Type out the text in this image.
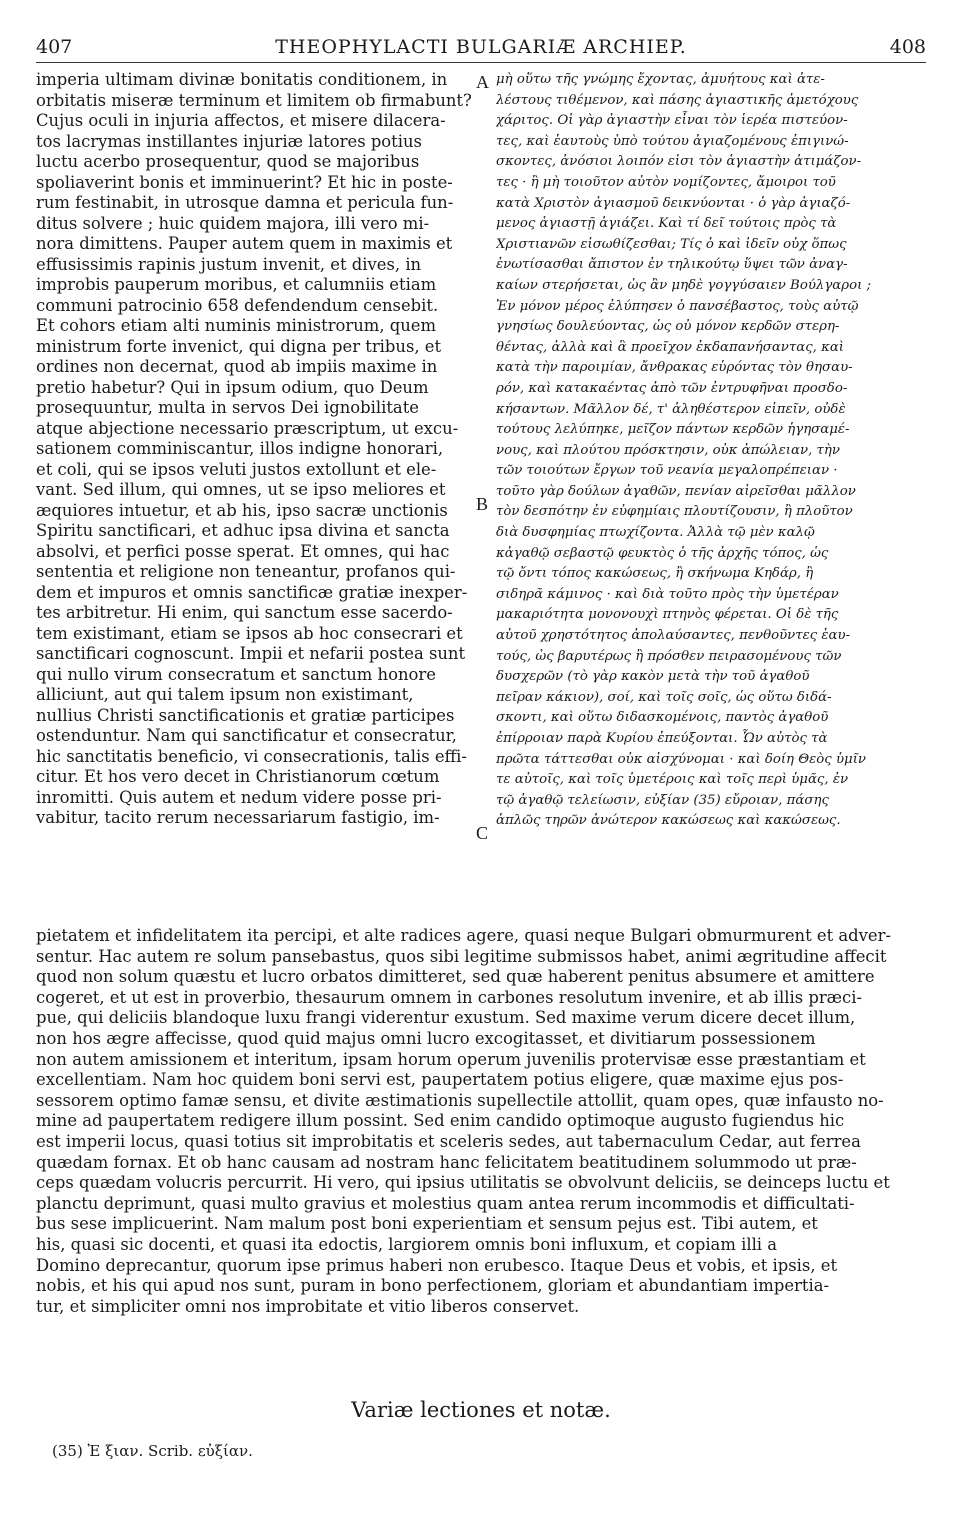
407	THEOPHYLACTI BULGARIÆ ARCHIEP.	408
imperia ultimam divinæ bonitatis conditionem, in
orbitatis miseræ terminum et limitem ob firmabunt?
Cujus oculi in injuria affectos, et misere dilacera-
tos lacrymas instillantes injuriæ latores potius
luctu acerbo prosequentur, quod se majoribus
spoliaverint bonis et imminuerint? Et hic in poste-
rum festinabit, in utrosque damna et pericula fun-
ditus solvere ; huic quidem majora, illi vero mi-
nora dimittens. Pauper autem quem in maximis et
effusissimis rapinis justum invenit, et dives, in
improbis pauperum moribus, et calumniis etiam
communi patrocinio 658 defendendum censebit.
Et cohors etiam alti numinis ministrorum, quem
ministrum forte invenict, qui digna per tribus, et
ordines non decernat, quod ab impiis maxime in
pretio habetur? Qui in ipsum odium, quo Deum
prosequuntur, multa in servos Dei ignobilitate
atque abjectione necessario præscriptum, ut excu-
sationem comminiscantur, illos indigne honorari,
et coli, qui se ipsos veluti justos extollunt et ele-
vant. Sed illum, qui omnes, ut se ipso meliores et
æquiores intuetur, et ab his, ipso sacræ unctionis
Spiritu sanctificari, et adhuc ipsa divina et sancta
absolvi, et perfici posse sperat. Et omnes, qui hac
sententia et religione non teneantur, profanos qui-
dem et impuros et omnis sanctificæ gratiæ inexper-
tes arbitretur. Hi enim, qui sanctum esse sacerdo-
tem existimant, etiam se ipsos ab hoc consecrari et
sanctificari cognoscunt. Impii et nefarii postea sunt
qui nullo virum consecratum et sanctum honore
alliciunt, aut qui talem ipsum non existimant,
nullius Christi sanctificationis et gratiæ participes
ostenduntur. Nam qui sanctificatur et consecratur,
hic sanctitatis beneficio, vi consecrationis, talis effi-
citur. Et hos vero decet in Christianorum cœtum
inromitti. Quis autem et nedum videre posse pri-
vabitur, tacito rerum necessariarum fastigio, im-
A
B
C
μὴ οὕτω τῆς γνώμης ἔχοντας, ἀμυήτους καὶ ἀτε-
λέστους τιθέμενον, καὶ πάσης ἁγιαστικῆς ἀμετόχους
χάριτος. Οἱ γὰρ ἁγιαστὴν εἶναι τὸν ἱερέα πιστεύον-
τες, καὶ ἑαυτοὺς ὑπὸ τούτου ἁγιαζομένους ἐπιγινώ-
σκοντες, ἀνόσιοι λοιπόν εἰσι τὸν ἁγιαστὴν ἀτιμάζον-
τες · ἢ μὴ τοιοῦτον αὐτὸν νομίζοντες, ἄμοιροι τοῦ
κατὰ Χριστὸν ἁγιασμοῦ δεικνύονται · ὁ γὰρ ἁγιαζό-
μενος ἁγιαστῇ ἁγιάζει. Καὶ τί δεῖ τούτοις πρὸς τὰ
Χριστιανῶν εἰσωθίζεσθαι; Τίς ὁ καὶ ἰδεῖν οὐχ ὅπως
ἐνωτίσασθαι ἄπιστον ἐν τηλικούτῳ ὕψει τῶν ἀναγ-
καίων στερήσεται, ὡς ἂν μηδὲ γογγύσαιεν Βούλγαροι ;
Ἐν μόνον μέρος ἐλύπησεν ὁ πανσέβαστος, τοὺς αὐτῷ
γνησίως δουλεύοντας, ὡς οὐ μόνον κερδῶν στερη-
θέντας, ἀλλὰ καὶ ἃ προεῖχον ἐκδαπανήσαντας, καὶ
κατὰ τὴν παροιμίαν, ἄνθρακας εὑρόντας τὸν θησαυ-
ρόν, καὶ κατακαέντας ἀπὸ τῶν ἐντρυφῆναι προσδο-
κήσαντων. Μᾶλλον δέ, τ' ἀληθέστερον εἰπεῖν, οὐδὲ
τούτους λελύπηκε, μεῖζον πάντων κερδῶν ἡγησαμέ-
νους, καὶ πλούτου πρόσκτησιν, οὐκ ἀπώλειαν, τὴν
τῶν τοιούτων ἔργων τοῦ νεανία μεγαλοπρέπειαν ·
τοῦτο γὰρ δούλων ἀγαθῶν, πενίαν αἱρεῖσθαι μᾶλλον
τὸν δεσπότην ἐν εὐφημίαις πλουτίζουσιν, ἢ πλοῦτον
διὰ δυσφημίας πτωχίζοντα. Ἀλλὰ τῷ μὲν καλῷ
κἀγαθῷ σεβαστῷ φευκτὸς ὁ τῆς ἀρχῆς τόπος, ὡς
τῷ ὄντι τόπος κακώσεως, ἢ σκήνωμα Κηδάρ, ἢ
σιδηρᾶ κάμινος · καὶ διὰ τοῦτο πρὸς τὴν ὑμετέραν
μακαριότητα μονονουχὶ πτηνὸς φέρεται. Οἱ δὲ τῆς
αὐτοῦ χρηστότητος ἀπολαύσαντες, πενθοῦντες ἑαυ-
τούς, ὡς βαρυτέρως ἢ πρόσθεν πειρασομένους τῶν
δυσχερῶν (τὸ γὰρ κακὸν μετὰ τὴν τοῦ ἀγαθοῦ
πεῖραν κάκιον), σοί, καὶ τοῖς σοῖς, ὡς οὕτω διδά-
σκοντι, καὶ οὕτω διδασκομένοις, παντὸς ἀγαθοῦ
ἐπίρροιαν παρὰ Κυρίου ἐπεύξονται. Ὧν αὐτὸς τὰ
πρῶτα τάττεσθαι οὐκ αἰσχύνομαι · καὶ δοίη Θεὸς ὑμῖν
τε αὐτοῖς, καὶ τοῖς ὑμετέροις καὶ τοῖς περὶ ὑμᾶς, ἐν
τῷ ἀγαθῷ τελείωσιν, εὐξίαν (35) εὔροιαν, πάσης
ἁπλῶς τηρῶν ἀνώτερον κακώσεως καὶ κακώσεως.
pietatem et infidelitatem ita percipi, et alte radices agere, quasi neque Bulgari obmurmurent et adver-
sentur. Hac autem re solum pansebastus, quos sibi legitime submissos habet, animi ægritudine affecit
quod non solum quæstu et lucro orbatos dimitteret, sed quæ haberent penitus absumere et amittere
cogeret, et ut est in proverbio, thesaurum omnem in carbones resolutum invenire, et ab illis præci-
pue, qui deliciis blandoque luxu frangi viderentur exustum. Sed maxime verum dicere decet illum,
non hos ægre affecisse, quod quid majus omni lucro excogitasset, et divitiarum possessionem
non autem amissionem et interitum, ipsam horum operum juvenilis protervisæ esse præstantiam et
excellentiam. Nam hoc quidem boni servi est, paupertatem potius eligere, quæ maxime ejus pos-
sessorem optimo famæ sensu, et divite æstimationis supellectile attollit, quam opes, quæ infausto no-
mine ad paupertatem redigere illum possint. Sed enim candido optimoque augusto fugiendus hic
est imperii locus, quasi totius sit improbitatis et sceleris sedes, aut tabernaculum Cedar, aut ferrea
quædam fornax. Et ob hanc causam ad nostram hanc felicitatem beatitudinem solummodo ut præ-
ceps quædam volucris percurrit. Hi vero, qui ipsius utilitatis se obvolvunt deliciis, se deinceps luctu et
planctu deprimunt, quasi multo gravius et molestius quam antea rerum incommodis et difficultati-
bus sese implicuerint. Nam malum post boni experientiam et sensum pejus est. Tibi autem, et
his, quasi sic docenti, et quasi ita edoctis, largiorem omnis boni influxum, et copiam illi a
Domino deprecantur, quorum ipse primus haberi non erubesco. Itaque Deus et vobis, et ipsis, et
nobis, et his qui apud nos sunt, puram in bono perfectionem, gloriam et abundantiam impertia-
tur, et simpliciter omni nos improbitate et vitio liberos conservet.
Variæ lectiones et notæ.
(35) Ἐ ξιαν. Scrib. εὐξίαν.
